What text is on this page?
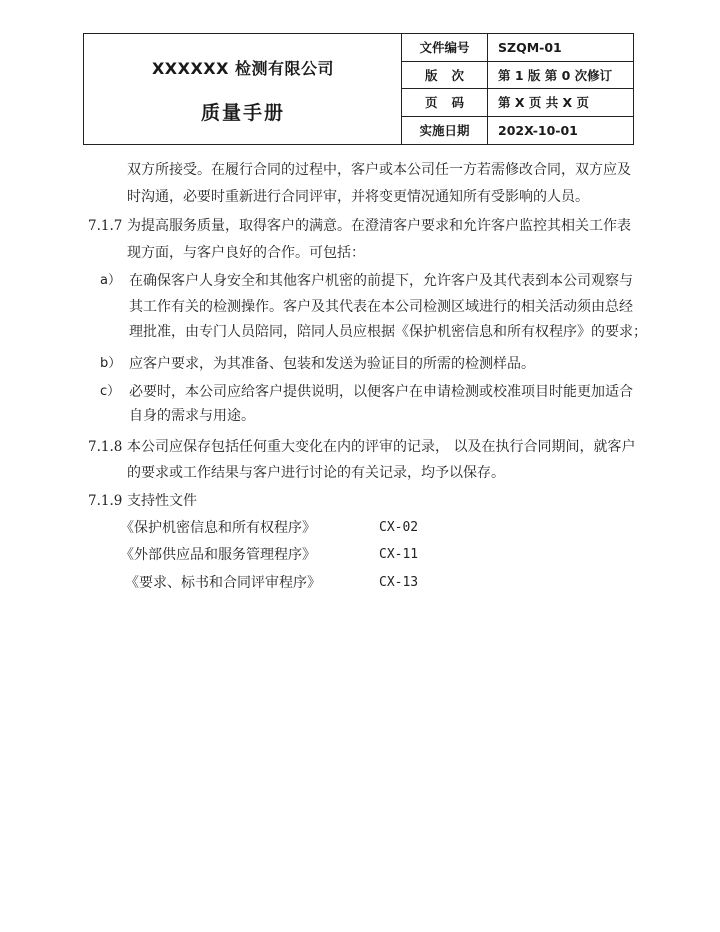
XXXXXX 检测有限公司
质量手册
文件编号	SZQM-01
版次	第 1 版 第 0 次修订
页码	第 X 页 共 X 页
实施日期	202X-10-01
双方所接受。在履行合同的过程中，客户或本公司任一方若需修改合同，双方应及
时沟通，必要时重新进行合同评审，并将变更情况通知所有受影响的人员。
7.1.7 为提高服务质量，取得客户的满意。在澄清客户要求和允许客户监控其相关工作表
现方面，与客户良好的合作。可包括：
a） 在确保客户人身安全和其他客户机密的前提下，允许客户及其代表到本公司观察与
其工作有关的检测操作。客户及其代表在本公司检测区域进行的相关活动须由总经
理批准，由专门人员陪同，陪同人员应根据《保护机密信息和所有权程序》的要求；
b） 应客户要求，为其准备、包装和发送为验证目的所需的检测样品。
c） 必要时，本公司应给客户提供说明，以便客户在申请检测或校准项目时能更加适合
自身的需求与用途。
7.1.8 本公司应保存包括任何重大变化在内的评审的记录， 以及在执行合同期间，就客户
的要求或工作结果与客户进行讨论的有关记录，均予以保存。
7.1.9 支持性文件
《保护机密信息和所有权程序》	CX-02
《外部供应品和服务管理程序》	CX-11
《要求、标书和合同评审程序》	CX-13
